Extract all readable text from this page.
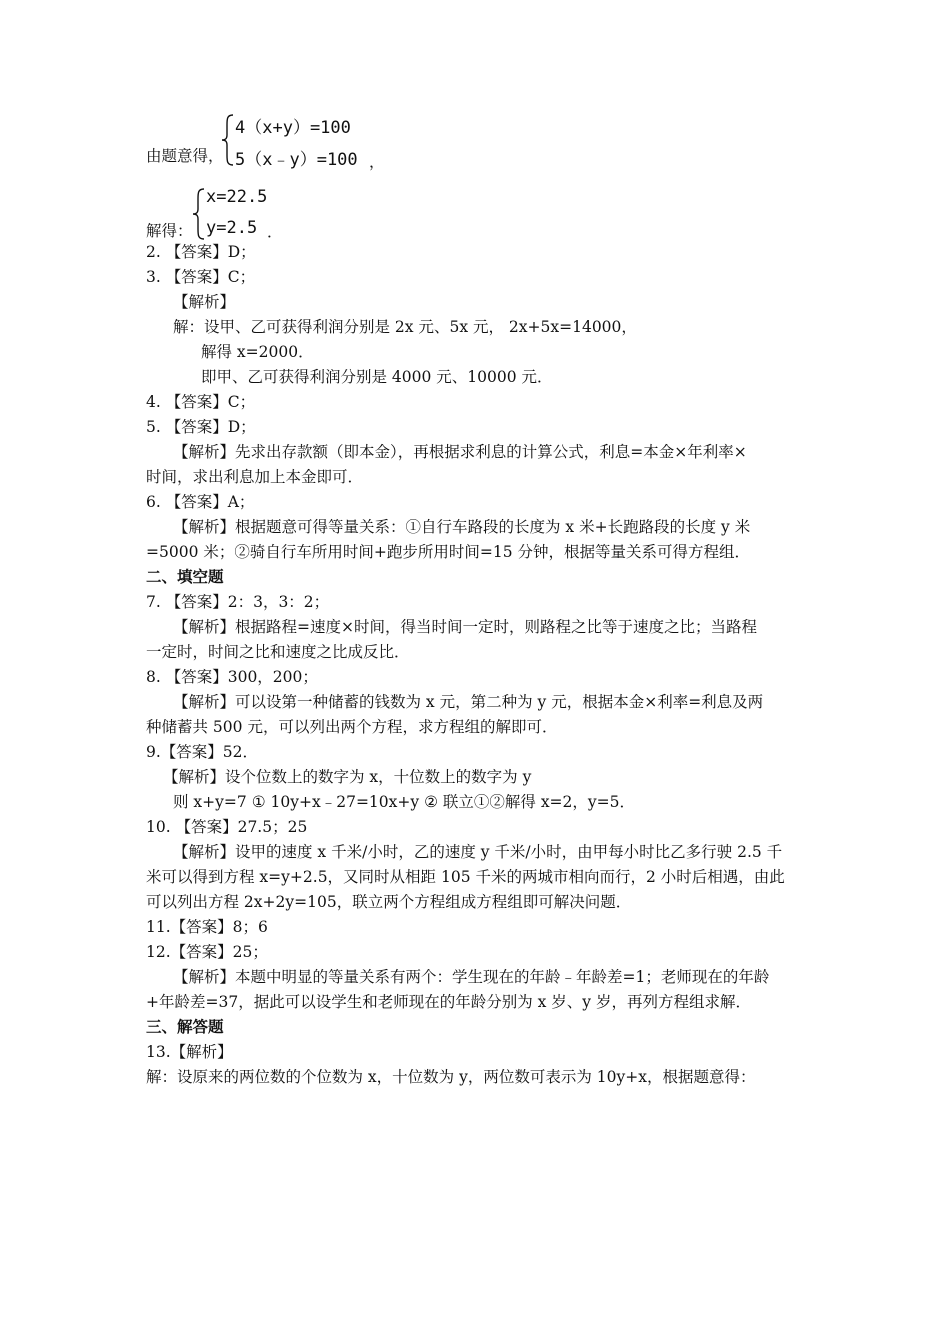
由题意得，
4（x+y）=100
5（x﹣y）=100 ，
解得：
x=22.5
y=2.5 ．
2. 【答案】D；
3. 【答案】C；
【解析】
解：设甲、乙可获得利润分别是 2x 元、5x 元， 2x+5x=14000，
解得 x=2000．
即甲、乙可获得利润分别是 4000 元、10000 元．
4. 【答案】C；
5. 【答案】D；
【解析】先求出存款额（即本金），再根据求利息的计算公式，利息=本金×年利率×
时间，求出利息加上本金即可．
6. 【答案】A；
【解析】根据题意可得等量关系：①自行车路段的长度为 x 米+长跑路段的长度 y 米
=5000 米；②骑自行车所用时间+跑步所用时间=15 分钟，根据等量关系可得方程组．
二、填空题
7. 【答案】2：3，3：2；
【解析】根据路程=速度×时间，得当时间一定时，则路程之比等于速度之比；当路程
一定时，时间之比和速度之比成反比．
8. 【答案】300，200；
【解析】可以设第一种储蓄的钱数为 x 元，第二种为 y 元，根据本金×利率=利息及两
种储蓄共 500 元，可以列出两个方程，求方程组的解即可．
9.【答案】52．
【解析】设个位数上的数字为 x，十位数上的数字为 y
则 x+y=7 ① 10y+x﹣27=10x+y ② 联立①②解得 x=2，y=5．
10. 【答案】27.5；25
【解析】设甲的速度 x 千米/小时，乙的速度 y 千米/小时，由甲每小时比乙多行驶 2.5 千
米可以得到方程 x=y+2.5，又同时从相距 105 千米的两城市相向而行，2 小时后相遇，由此
可以列出方程 2x+2y=105，联立两个方程组成方程组即可解决问题．
11.【答案】8；6
12.【答案】25；
【解析】本题中明显的等量关系有两个：学生现在的年龄﹣年龄差=1；老师现在的年龄
+年龄差=37，据此可以设学生和老师现在的年龄分别为 x 岁、y 岁，再列方程组求解．
三、解答题
13.【解析】
解：设原来的两位数的个位数为 x，十位数为 y，两位数可表示为 10y+x，根据题意得：
